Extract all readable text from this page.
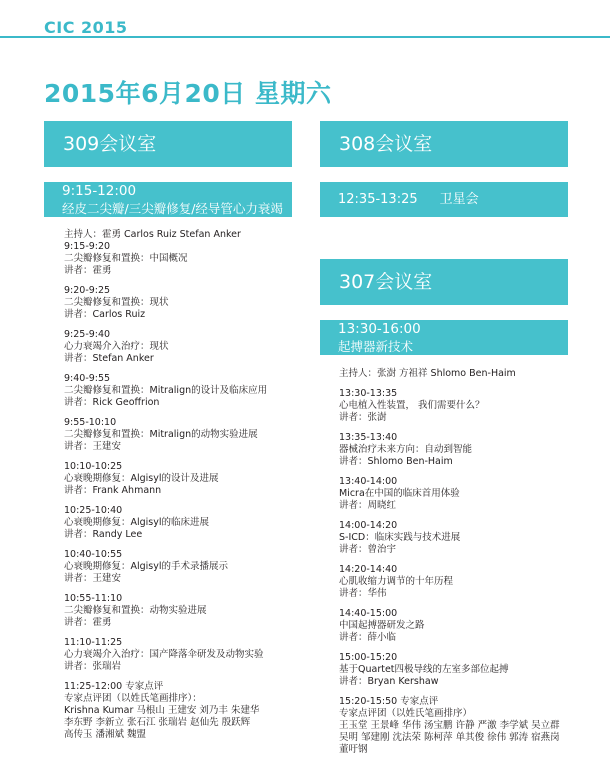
CIC 2015
2015年6月20日 星期六
309会议室
9:15-12:00
经皮二尖瓣/三尖瓣修复/经导管心力衰竭治疗
308会议室
12:35-13:25 卫星会
307会议室
13:30-16:00
起搏器新技术
主持人：霍勇 Carlos Ruiz Stefan Anker
9:15-9:20
二尖瓣修复和置换：中国概况
讲者：霍勇
9:20-9:25
二尖瓣修复和置换：现状
讲者：Carlos Ruiz
9:25-9:40
心力衰竭介入治疗：现状
讲者：Stefan Anker
9:40-9:55
二尖瓣修复和置换：Mitralign的设计及临床应用
讲者：Rick Geoffrion
9:55-10:10
二尖瓣修复和置换：Mitralign的动物实验进展
讲者：王建安
10:10-10:25
心衰晚期修复：Algisyl的设计及进展
讲者：Frank Ahmann
10:25-10:40
心衰晚期修复：Algisyl的临床进展
讲者：Randy Lee
10:40-10:55
心衰晚期修复：Algisyl的手术录播展示
讲者：王建安
10:55-11:10
二尖瓣修复和置换：动物实验进展
讲者：霍勇
11:10-11:25
心力衰竭介入治疗：国产降落伞研发及动物实验
讲者：张瑞岩
11:25-12:00 专家点评
专家点评团（以姓氏笔画排序）：
Krishna Kumar 马根山 王建安 刘乃丰 朱建华
李东野 李新立 张石江 张瑞岩 赵仙先 殷跃辉
高传玉 潘湘斌 魏盟
主持人：张澍 方祖祥 Shlomo Ben-Haim
13:30-13:35
心电植入性装置， 我们需要什么？
讲者：张澍
13:35-13:40
器械治疗未来方向：自动到智能
讲者：Shlomo Ben-Haim
13:40-14:00
Micra在中国的临床首用体验
讲者：周晓红
14:00-14:20
S-ICD：临床实践与技术进展
讲者：曾治宇
14:20-14:40
心肌收缩力调节的十年历程
讲者：华伟
14:40-15:00
中国起搏器研发之路
讲者：薛小临
15:00-15:20
基于Quartet四极导线的左室多部位起搏
讲者：Bryan Kershaw
15:20-15:50 专家点评
专家点评团（以姓氏笔画排序）
王玉堂 王景峰 华伟 汤宝鹏 许静 严激 李学斌 吴立群
吴明 邹建刚 沈法荣 陈柯萍 单其俊 徐伟 郭涛 宿燕岗
董吁钢
